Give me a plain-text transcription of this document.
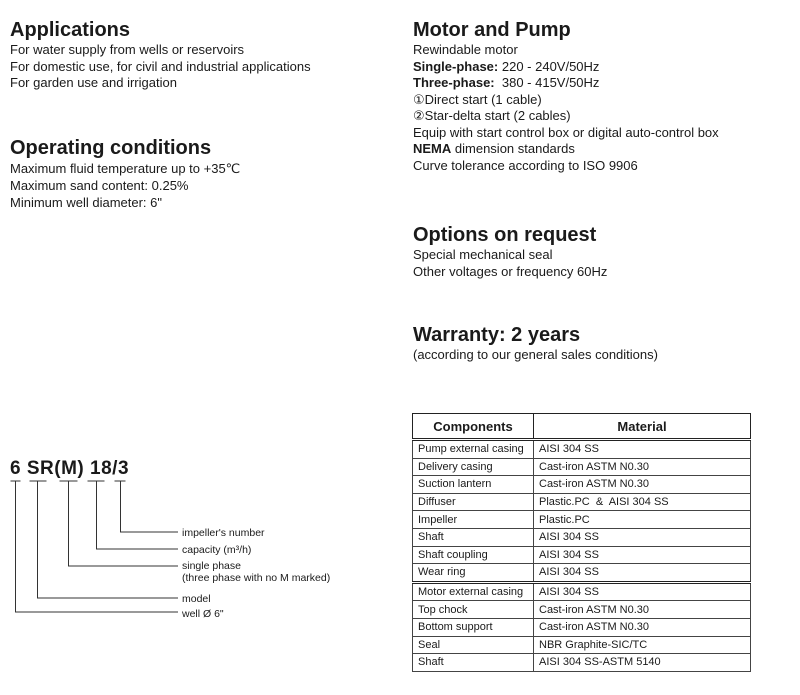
Applications
For water supply from wells or reservoirs
For domestic use, for civil and industrial applications
For garden use and irrigation
Operating conditions
Maximum fluid temperature up to +35℃
Maximum sand content: 0.25%
Minimum well diameter: 6"
Motor and Pump
Rewindable motor
Single-phase: 220 - 240V/50Hz
Three-phase:  380 - 415V/50Hz
①Direct start (1 cable)
②Star-delta start (2 cables)
Equip with start control box or digital auto-control box
NEMA dimension standards
Curve tolerance according to ISO 9906
Options on request
Special mechanical seal
Other voltages or frequency 60Hz
Warranty: 2 years
(according to our general sales conditions)
6 SR(M) 18/3
impeller's number
capacity (m³/h)
single phase
(three phase with no M marked)
model
well Ø 6"
Components	Material
Pump external casing	AISI 304 SS
Delivery casing	Cast-iron ASTM N0.30
Suction lantern	Cast-iron ASTM N0.30
Diffuser	Plastic.PC  &  AISI 304 SS
Impeller	Plastic.PC
Shaft	AISI 304 SS
Shaft coupling	AISI 304 SS
Wear ring	AISI 304 SS
Motor external casing	AISI 304 SS
Top chock	Cast-iron ASTM N0.30
Bottom support	Cast-iron ASTM N0.30
Seal	NBR Graphite-SIC/TC
Shaft	AISI 304 SS-ASTM 5140
